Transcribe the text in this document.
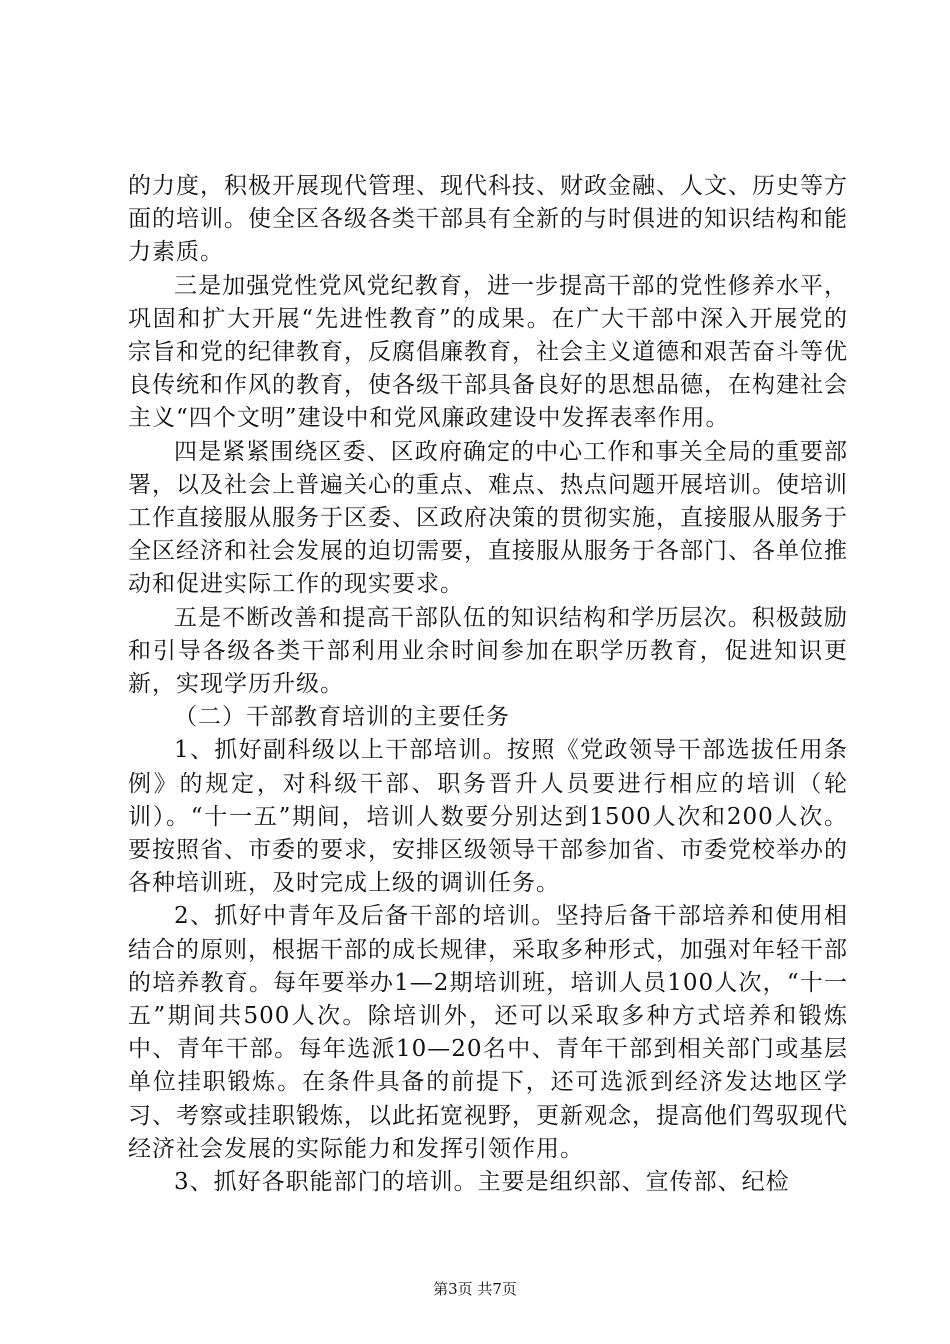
的力度，积极开展现代管理、现代科技、财政金融、人文、历史等方面的培训。使全区各级各类干部具有全新的与时俱进的知识结构和能力素质。

三是加强党性党风党纪教育，进一步提高干部的党性修养水平，巩固和扩大开展“先进性教育”的成果。在广大干部中深入开展党的宗旨和党的纪律教育，反腐倡廉教育，社会主义道德和艰苦奋斗等优良传统和作风的教育，使各级干部具备良好的思想品德，在构建社会主义“四个文明”建设中和党风廉政建设中发挥表率作用。

四是紧紧围绕区委、区政府确定的中心工作和事关全局的重要部署，以及社会上普遍关心的重点、难点、热点问题开展培训。使培训工作直接服从服务于区委、区政府决策的贯彻实施，直接服从服务于全区经济和社会发展的迫切需要，直接服从服务于各部门、各单位推动和促进实际工作的现实要求。

五是不断改善和提高干部队伍的知识结构和学历层次。积极鼓励和引导各级各类干部利用业余时间参加在职学历教育，促进知识更新，实现学历升级。

（二）干部教育培训的主要任务

1、抓好副科级以上干部培训。按照《党政领导干部选拔任用条例》的规定，对科级干部、职务晋升人员要进行相应的培训（轮训）。“十一五”期间，培训人数要分别达到1500人次和200人次。要按照省、市委的要求，安排区级领导干部参加省、市委党校举办的各种培训班，及时完成上级的调训任务。

2、抓好中青年及后备干部的培训。坚持后备干部培养和使用相结合的原则，根据干部的成长规律，采取多种形式，加强对年轻干部的培养教育。每年要举办1—2期培训班，培训人员100人次，“十一五”期间共500人次。除培训外，还可以采取多种方式培养和锻炼中、青年干部。每年选派10—20名中、青年干部到相关部门或基层单位挂职锻炼。在条件具备的前提下，还可选派到经济发达地区学习、考察或挂职锻炼，以此拓宽视野，更新观念，提高他们驾驭现代经济社会发展的实际能力和发挥引领作用。

3、抓好各职能部门的培训。主要是组织部、宣传部、纪检

第3页 共7页
